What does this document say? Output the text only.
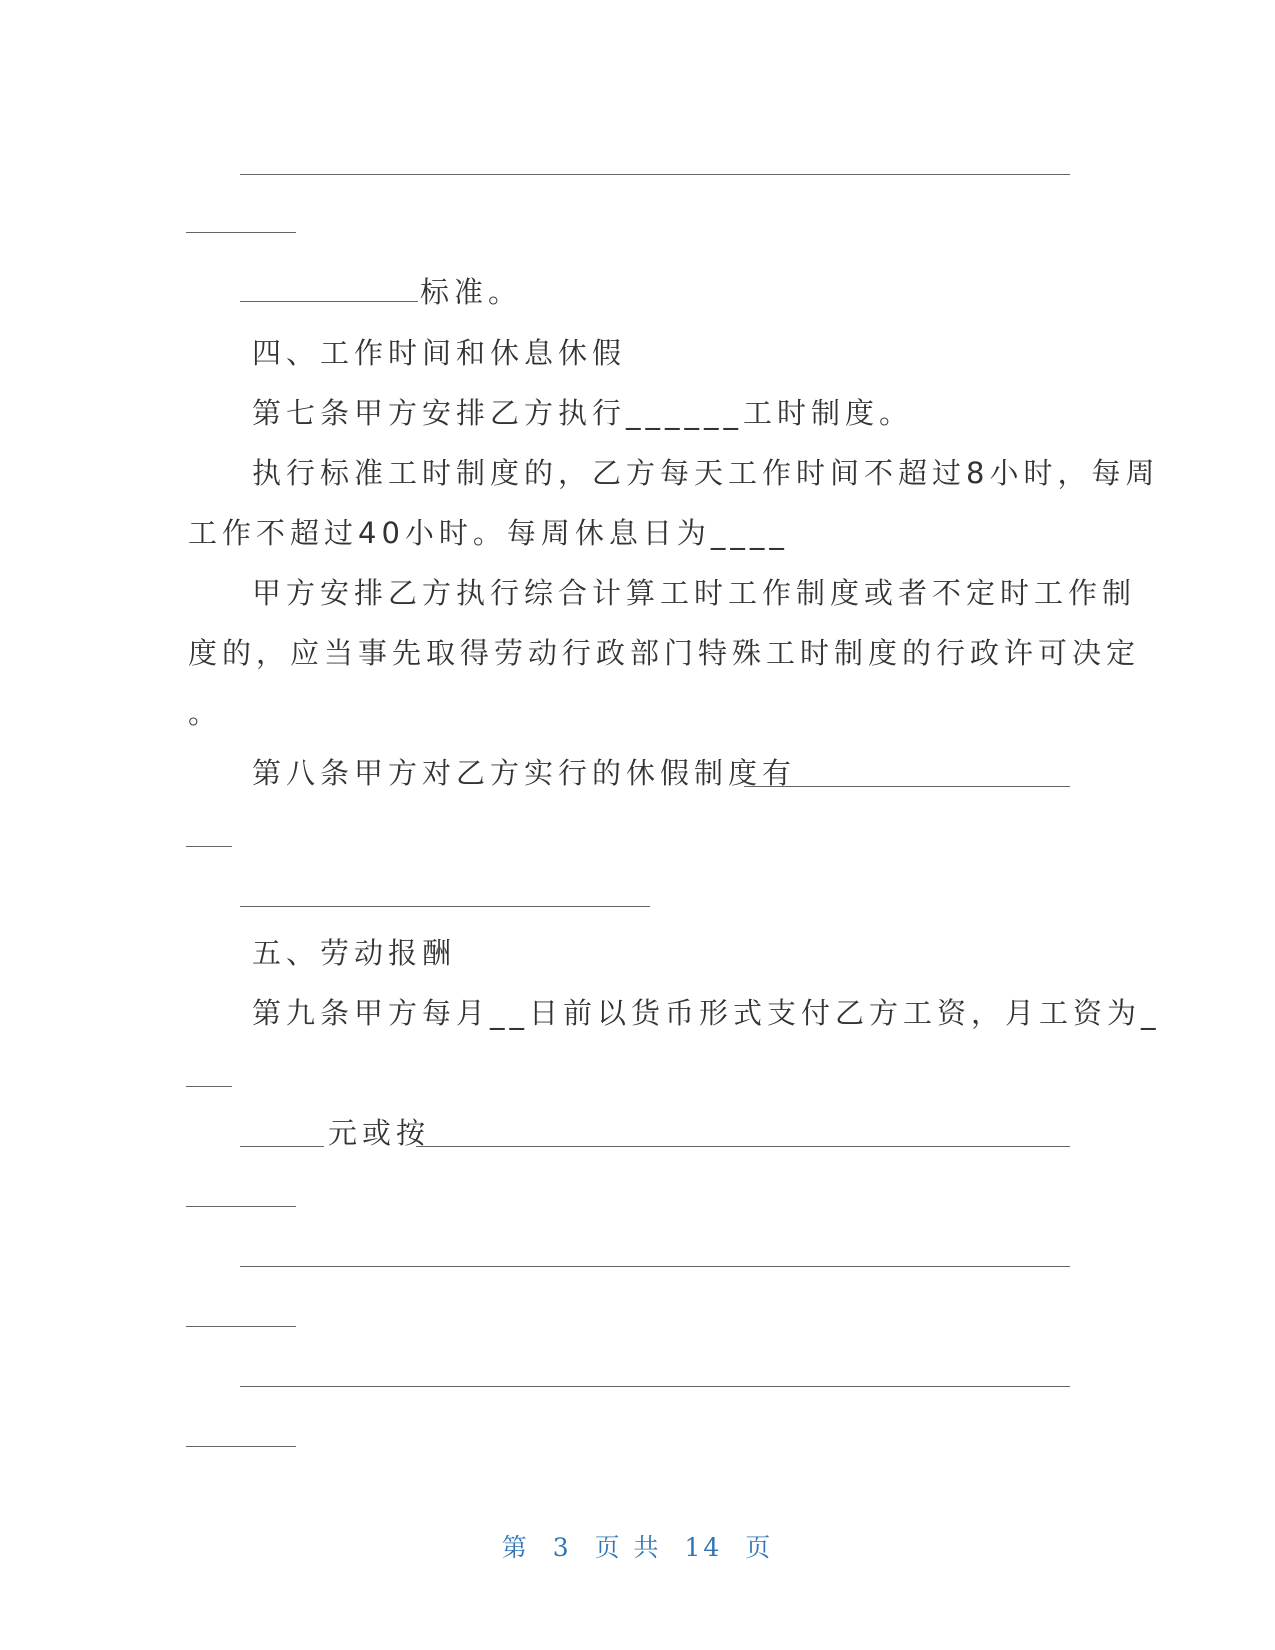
标准。

四、工作时间和休息休假

第七条甲方安排乙方执行______工时制度。

执行标准工时制度的，乙方每天工作时间不超过8小时，每周

工作不超过40小时。每周休息日为____

甲方安排乙方执行综合计算工时工作制度或者不定时工作制

度的，应当事先取得劳动行政部门特殊工时制度的行政许可决定

。

第八条甲方对乙方实行的休假制度有

五、劳动报酬

第九条甲方每月__日前以货币形式支付乙方工资，月工资为_

元或按

第 3 页 共 14 页
